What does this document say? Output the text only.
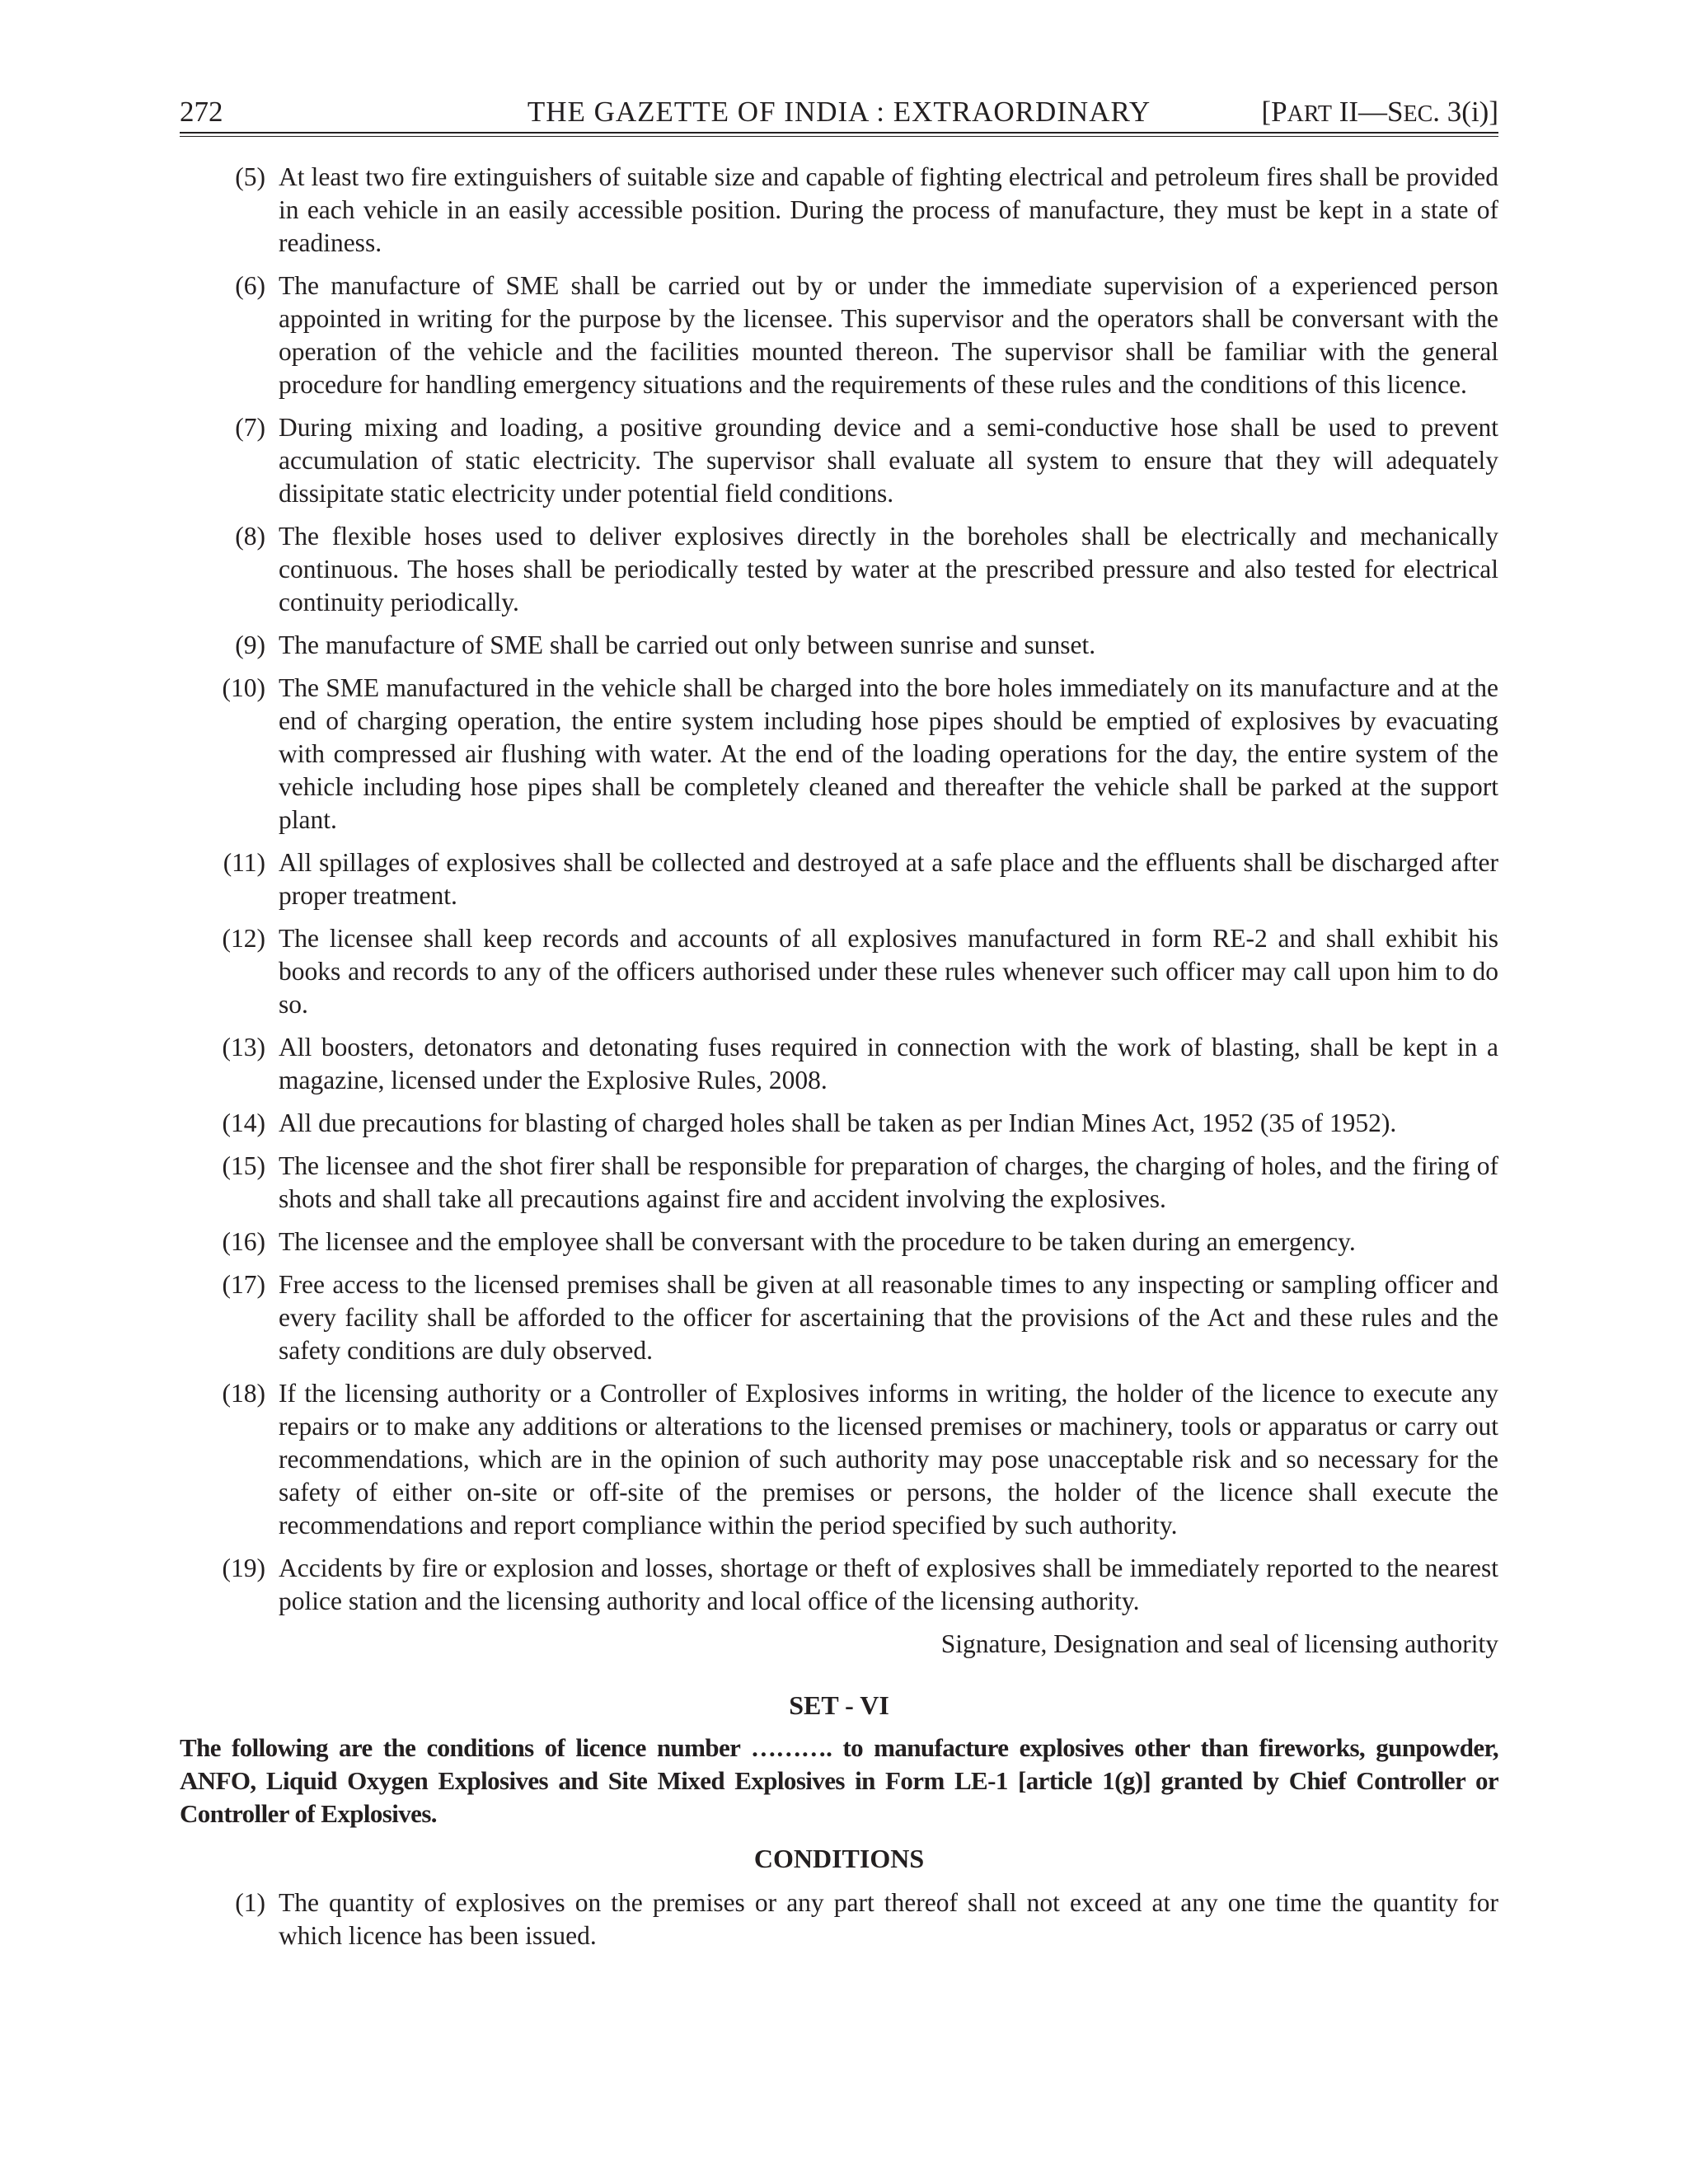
272	THE GAZETTE OF INDIA : EXTRAORDINARY	[PART II—SEC. 3(i)]
(5) At least two fire extinguishers of suitable size and capable of fighting electrical and petroleum fires shall be provided in each vehicle in an easily accessible position. During the process of manufacture, they must be kept in a state of readiness.
(6) The manufacture of SME shall be carried out by or under the immediate supervision of a experienced person appointed in writing for the purpose by the licensee. This supervisor and the operators shall be conversant with the operation of the vehicle and the facilities mounted thereon. The supervisor shall be familiar with the general procedure for handling emergency situations and the requirements of these rules and the conditions of this licence.
(7) During mixing and loading, a positive grounding device and a semi-conductive hose shall be used to prevent accumulation of static electricity. The supervisor shall evaluate all system to ensure that they will adequately dissipitate static electricity under potential field conditions.
(8) The flexible hoses used to deliver explosives directly in the boreholes shall be electrically and mechanically continuous. The hoses shall be periodically tested by water at the prescribed pressure and also tested for electrical continuity periodically.
(9) The manufacture of SME shall be carried out only between sunrise and sunset.
(10) The SME manufactured in the vehicle shall be charged into the bore holes immediately on its manufacture and at the end of charging operation, the entire system including hose pipes should be emptied of explosives by evacuating with compressed air flushing with water. At the end of the loading operations for the day, the entire system of the vehicle including hose pipes shall be completely cleaned and thereafter the vehicle shall be parked at the support plant.
(11) All spillages of explosives shall be collected and destroyed at a safe place and the effluents shall be discharged after proper treatment.
(12) The licensee shall keep records and accounts of all explosives manufactured in form RE-2 and shall exhibit his books and records to any of the officers authorised under these rules whenever such officer may call upon him to do so.
(13) All boosters, detonators and detonating fuses required in connection with the work of blasting, shall be kept in a magazine, licensed under the Explosive Rules, 2008.
(14) All due precautions for blasting of charged holes shall be taken as per Indian Mines Act, 1952 (35 of 1952).
(15) The licensee and the shot firer shall be responsible for preparation of charges, the charging of holes, and the firing of shots and shall take all precautions against fire and accident involving the explosives.
(16) The licensee and the employee shall be conversant with the procedure to be taken during an emergency.
(17) Free access to the licensed premises shall be given at all reasonable times to any inspecting or sampling officer and every facility shall be afforded to the officer for ascertaining that the provisions of the Act and these rules and the safety conditions are duly observed.
(18) If the licensing authority or a Controller of Explosives informs in writing, the holder of the licence to execute any repairs or to make any additions or alterations to the licensed premises or machinery, tools or apparatus or carry out recommendations, which are in the opinion of such authority may pose unacceptable risk and so necessary for the safety of either on-site or off-site of the premises or persons, the holder of the licence shall execute the recommendations and report compliance within the period specified by such authority.
(19) Accidents by fire or explosion and losses, shortage or theft of explosives shall be immediately reported to the nearest police station and the licensing authority and local office of the licensing authority.
Signature, Designation and seal of licensing authority
SET - VI
The following are the conditions of licence number ………. to manufacture explosives other than fireworks, gunpowder, ANFO, Liquid Oxygen Explosives and Site Mixed Explosives in Form LE-1 [article 1(g)] granted by Chief Controller or Controller of Explosives.
CONDITIONS
(1) The quantity of explosives on the premises or any part thereof shall not exceed at any one time the quantity for which licence has been issued.
